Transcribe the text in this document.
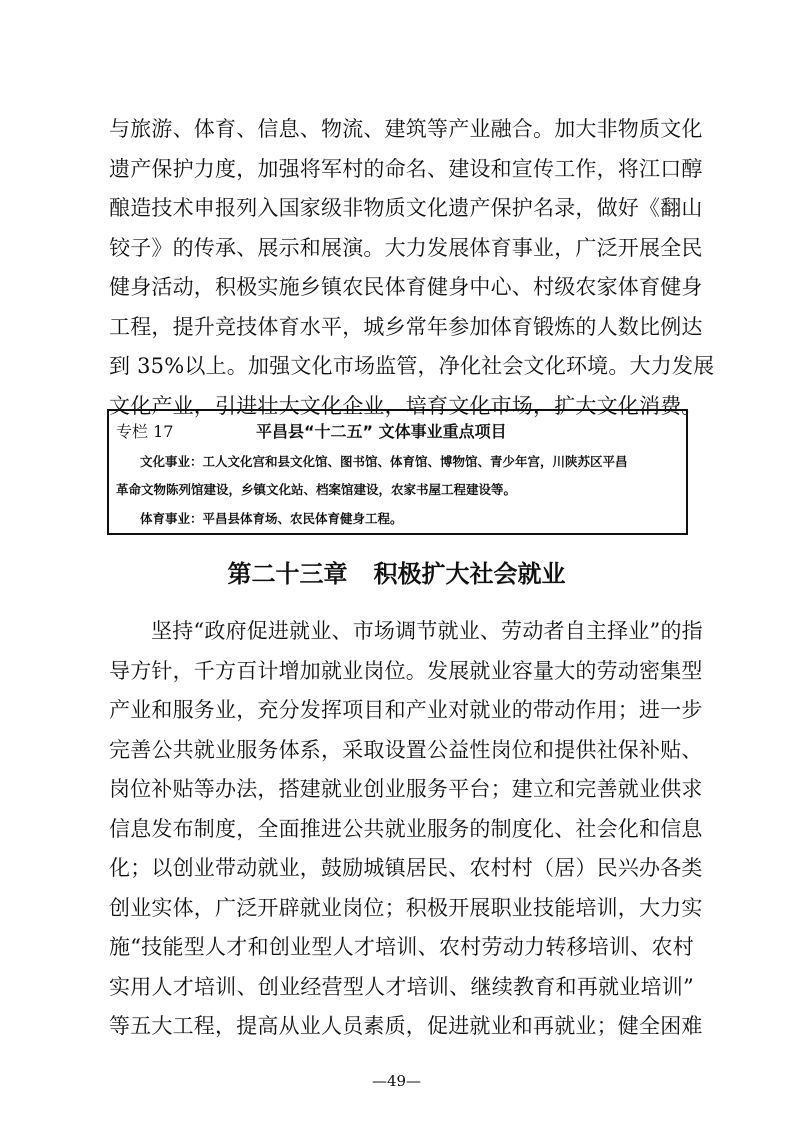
与旅游、体育、信息、物流、建筑等产业融合。加大非物质文化
遗产保护力度，加强将军村的命名、建设和宣传工作，将江口醇
酿造技术申报列入国家级非物质文化遗产保护名录，做好《翻山
铰子》的传承、展示和展演。大力发展体育事业，广泛开展全民
健身活动，积极实施乡镇农民体育健身中心、村级农家体育健身
工程，提升竞技体育水平，城乡常年参加体育锻炼的人数比例达
到 35%以上。加强文化市场监管，净化社会文化环境。大力发展
文化产业，引进壮大文化企业，培育文化市场，扩大文化消费。
专栏 17	平昌县“十二五” 文体事业重点项目
文化事业：工人文化宫和县文化馆、图书馆、体育馆、博物馆、青少年宫，川陕苏区平昌
革命文物陈列馆建设，乡镇文化站、档案馆建设，农家书屋工程建设等。
体育事业：平昌县体育场、农民体育健身工程。
第二十三章 积极扩大社会就业
坚持“政府促进就业、市场调节就业、劳动者自主择业”的指
导方针，千方百计增加就业岗位。发展就业容量大的劳动密集型
产业和服务业，充分发挥项目和产业对就业的带动作用；进一步
完善公共就业服务体系，采取设置公益性岗位和提供社保补贴、
岗位补贴等办法，搭建就业创业服务平台；建立和完善就业供求
信息发布制度，全面推进公共就业服务的制度化、社会化和信息
化；以创业带动就业，鼓励城镇居民、农村村（居）民兴办各类
创业实体，广泛开辟就业岗位；积极开展职业技能培训，大力实
施“技能型人才和创业型人才培训、农村劳动力转移培训、农村
实用人才培训、创业经营型人才培训、继续教育和再就业培训”
等五大工程，提高从业人员素质，促进就业和再就业；健全困难
—49—
